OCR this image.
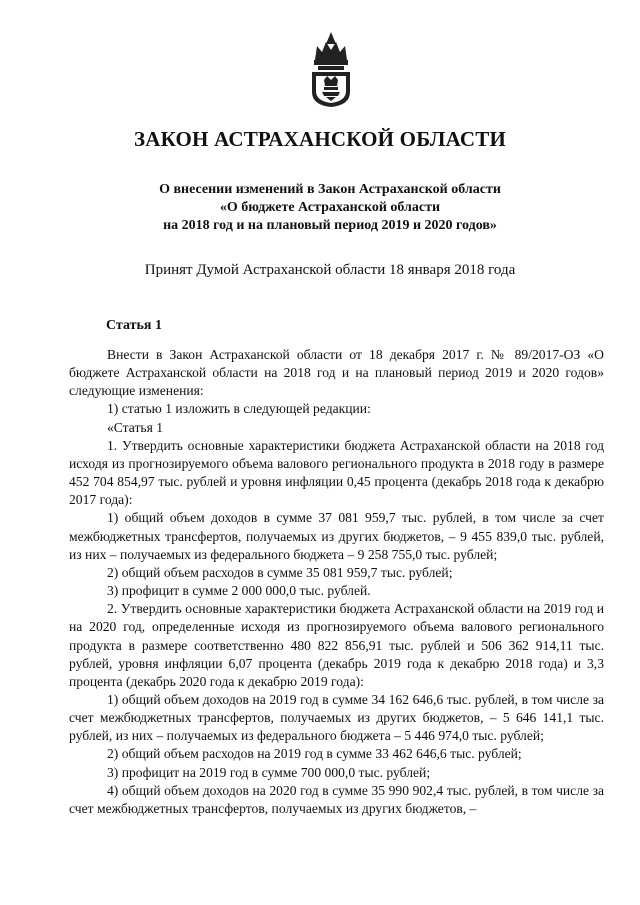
ЗАКОН АСТРАХАНСКОЙ ОБЛАСТИ
О внесении изменений в Закон Астраханской области
«О бюджете Астраханской области
на 2018 год и на плановый период 2019 и 2020 годов»
Принят Думой Астраханской области 18 января 2018 года
Статья 1

Внести в Закон Астраханской области от 18 декабря 2017 г. № 89/2017-ОЗ «О бюджете Астраханской области на 2018 год и на плановый период 2019 и 2020 годов» следующие изменения:

1) статью 1 изложить в следующей редакции:

«Статья 1

1. Утвердить основные характеристики бюджета Астраханской области на 2018 год исходя из прогнозируемого объема валового регионального продукта в 2018 году в размере 452 704 854,97 тыс. рублей и уровня инфляции 0,45 процента (декабрь 2018 года к декабрю 2017 года):

1) общий объем доходов в сумме 37 081 959,7 тыс. рублей, в том числе за счет межбюджетных трансфертов, получаемых из других бюджетов, – 9 455 839,0 тыс. рублей, из них – получаемых из федерального бюджета – 9 258 755,0 тыс. рублей;

2) общий объем расходов в сумме 35 081 959,7 тыс. рублей;

3) профицит в сумме 2 000 000,0 тыс. рублей.

2. Утвердить основные характеристики бюджета Астраханской области на 2019 год и на 2020 год, определенные исходя из прогнозируемого объема валового регионального продукта в размере соответственно 480 822 856,91 тыс. рублей и 506 362 914,11 тыс. рублей, уровня инфляции 6,07 процента (декабрь 2019 года к декабрю 2018 года) и 3,3 процента (декабрь 2020 года к декабрю 2019 года):

1) общий объем доходов на 2019 год в сумме 34 162 646,6 тыс. рублей, в том числе за счет межбюджетных трансфертов, получаемых из других бюджетов, – 5 646 141,1 тыс. рублей, из них – получаемых из федерального бюджета – 5 446 974,0 тыс. рублей;

2) общий объем расходов на 2019 год в сумме 33 462 646,6 тыс. рублей;

3) профицит на 2019 год в сумме 700 000,0 тыс. рублей;

4) общий объем доходов на 2020 год в сумме 35 990 902,4 тыс. рублей, в том числе за счет межбюджетных трансфертов, получаемых из других бюджетов, –
